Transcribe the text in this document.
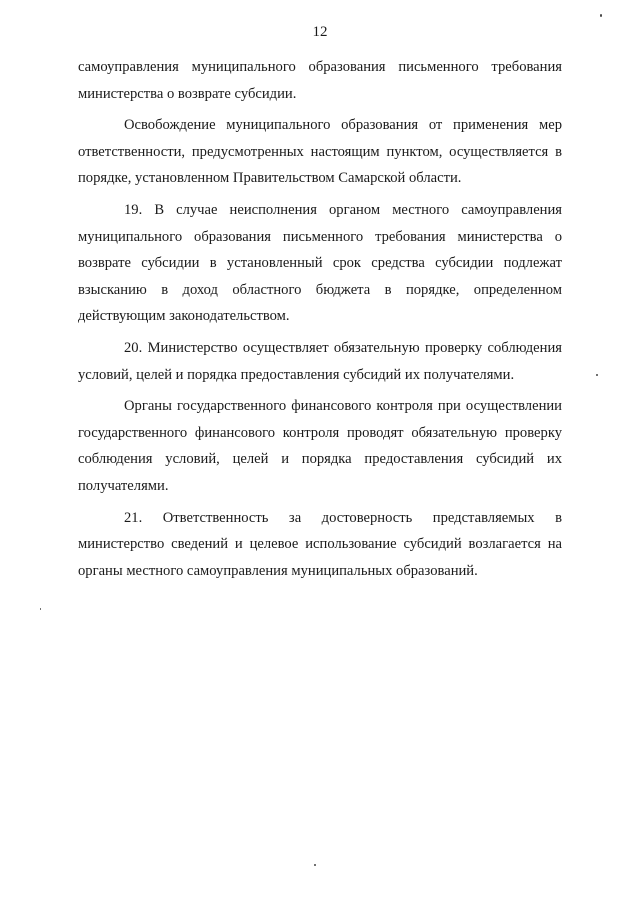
12

самоуправления муниципального образования письменного требования министерства о возврате субсидии.

Освобождение муниципального образования от применения мер ответственности, предусмотренных настоящим пунктом, осуществляется в порядке, установленном Правительством Самарской области.

19. В случае неисполнения органом местного самоуправления муниципального образования письменного требования министерства о возврате субсидии в установленный срок средства субсидии подлежат взысканию в доход областного бюджета в порядке, определенном действующим законодательством.

20. Министерство осуществляет обязательную проверку соблюдения условий, целей и порядка предоставления субсидий их получателями.

Органы государственного финансового контроля при осуществлении государственного финансового контроля проводят обязательную проверку соблюдения условий, целей и порядка предоставления субсидий их получателями.

21. Ответственность за достоверность представляемых в министерство сведений и целевое использование субсидий возлагается на органы местного самоуправления муниципальных образований.
